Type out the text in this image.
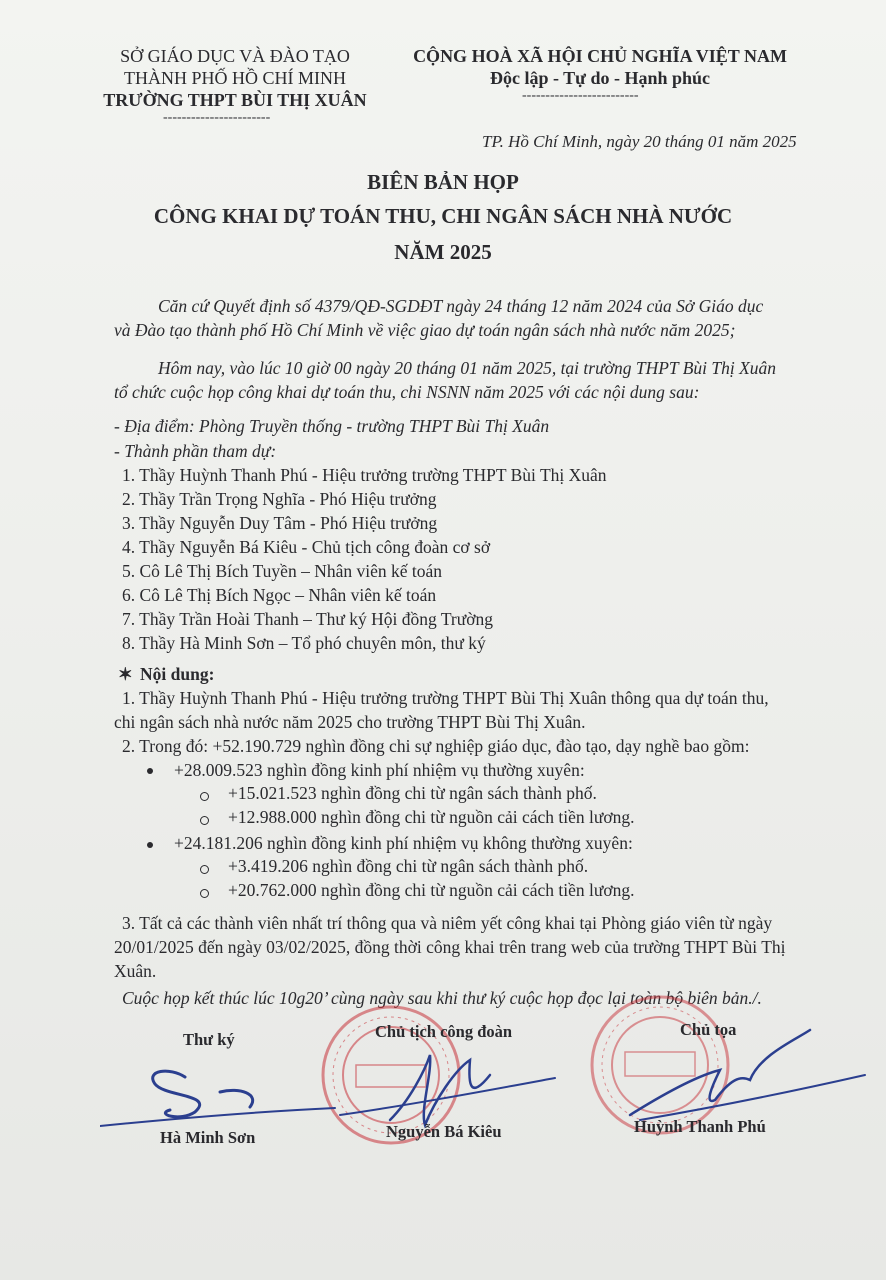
SỞ GIÁO DỤC VÀ ĐÀO TẠO
THÀNH PHỐ HỒ CHÍ MINH
TRƯỜNG THPT BÙI THỊ XUÂN
-----------------------
CỘNG HOÀ XÃ HỘI CHỦ NGHĨA VIỆT NAM
Độc lập - Tự do - Hạnh phúc
-------------------------
TP. Hồ Chí Minh, ngày 20 tháng 01 năm 2025
BIÊN BẢN HỌP
CÔNG KHAI DỰ TOÁN THU, CHI NGÂN SÁCH NHÀ NƯỚC
NĂM 2025
Căn cứ Quyết định số 4379/QĐ-SGDĐT ngày 24 tháng 12 năm 2024 của Sở Giáo dục
và Đào tạo thành phố Hồ Chí Minh về việc giao dự toán ngân sách nhà nước năm 2025;
Hôm nay, vào lúc 10 giờ 00 ngày 20 tháng 01 năm 2025, tại trường THPT Bùi Thị Xuân
tổ chức cuộc họp công khai dự toán thu, chi NSNN năm 2025 với các nội dung sau:
- Địa điểm: Phòng Truyền thống - trường THPT Bùi Thị Xuân
- Thành phần tham dự:
1. Thầy Huỳnh Thanh Phú - Hiệu trưởng trường THPT Bùi Thị Xuân
2. Thầy Trần Trọng Nghĩa - Phó Hiệu trưởng
3. Thầy Nguyễn Duy Tâm - Phó Hiệu trưởng
4. Thầy Nguyễn Bá Kiêu - Chủ tịch công đoàn cơ sở
5. Cô Lê Thị Bích Tuyền – Nhân viên kế toán
6. Cô Lê Thị Bích Ngọc – Nhân viên kế toán
7. Thầy Trần Hoài Thanh – Thư ký Hội đồng Trường
8. Thầy Hà Minh Sơn – Tổ phó chuyên môn, thư ký
✶ Nội dung:
1. Thầy Huỳnh Thanh Phú - Hiệu trưởng trường THPT Bùi Thị Xuân thông qua dự toán thu,
chi ngân sách nhà nước năm 2025 cho trường THPT Bùi Thị Xuân.
2. Trong đó: +52.190.729 nghìn đồng chi sự nghiệp giáo dục, đào tạo, dạy nghề bao gồm:
+28.009.523 nghìn đồng kinh phí nhiệm vụ thường xuyên:
+15.021.523 nghìn đồng chi từ ngân sách thành phố.
+12.988.000 nghìn đồng chi từ nguồn cải cách tiền lương.
+24.181.206 nghìn đồng kinh phí nhiệm vụ không thường xuyên:
+3.419.206 nghìn đồng chi từ ngân sách thành phố.
+20.762.000 nghìn đồng chi từ nguồn cải cách tiền lương.
3. Tất cả các thành viên nhất trí thông qua và niêm yết công khai tại Phòng giáo viên từ ngày
20/01/2025 đến ngày 03/02/2025, đồng thời công khai trên trang web của trường THPT Bùi Thị
Xuân.
Cuộc họp kết thúc lúc 10g20’ cùng ngày sau khi thư ký cuộc họp đọc lại toàn bộ biên bản./.
Thư ký	Chủ tịch công đoàn	Chủ tọa
Hà Minh Sơn	Nguyễn Bá Kiêu	Huỳnh Thanh Phú
